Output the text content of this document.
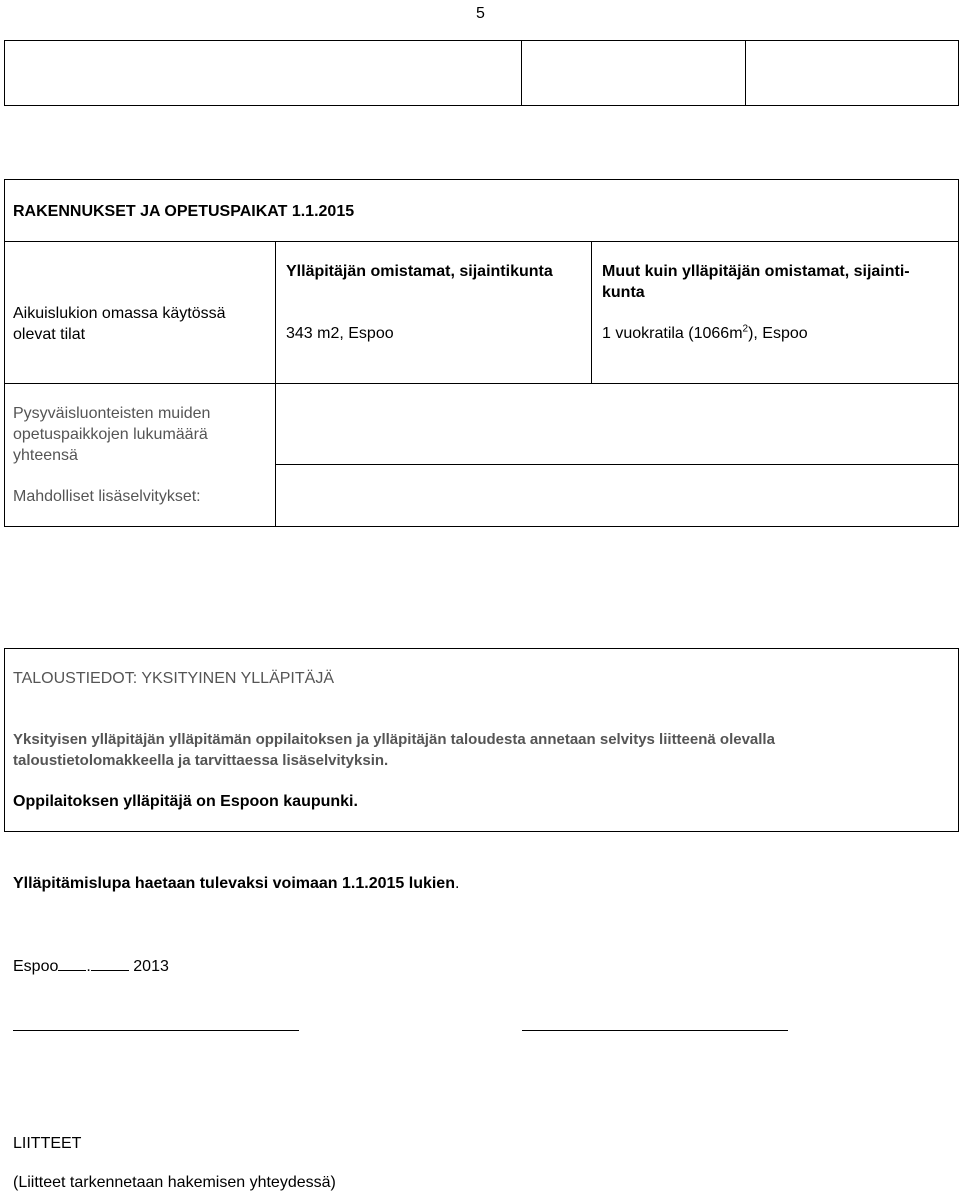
5
RAKENNUKSET JA OPETUSPAIKAT 1.1.2015
Aikuislukion omassa käytössä
olevat tilat
Ylläpitäjän omistamat, sijaintikunta	Muut kuin ylläpitäjän omistamat, sijainti-
kunta
343 m2, Espoo	1 vuokratila $(1066m^2)$, Espoo
Pysyväisluonteisten muiden
opetuspaikkojen lukumäärä
yhteensä
Mahdolliset lisäselvitykset:
TALOUSTIEDOT: YKSITYINEN YLLÄPITÄJÄ
Yksityisen ylläpitäjän ylläpitämän oppilaitoksen ja ylläpitäjän taloudesta annetaan selvitys liitteenä olevalla
taloustietolomakkeella ja tarvittaessa lisäselvityksin.
Oppilaitoksen ylläpitäjä on Espoon kaupunki.
Ylläpitämislupa haetaan tulevaksi voimaan 1.1.2015 lukien.
Espoo .	2013
LIITTEET
(Liitteet tarkennetaan hakemisen yhteydessä)
